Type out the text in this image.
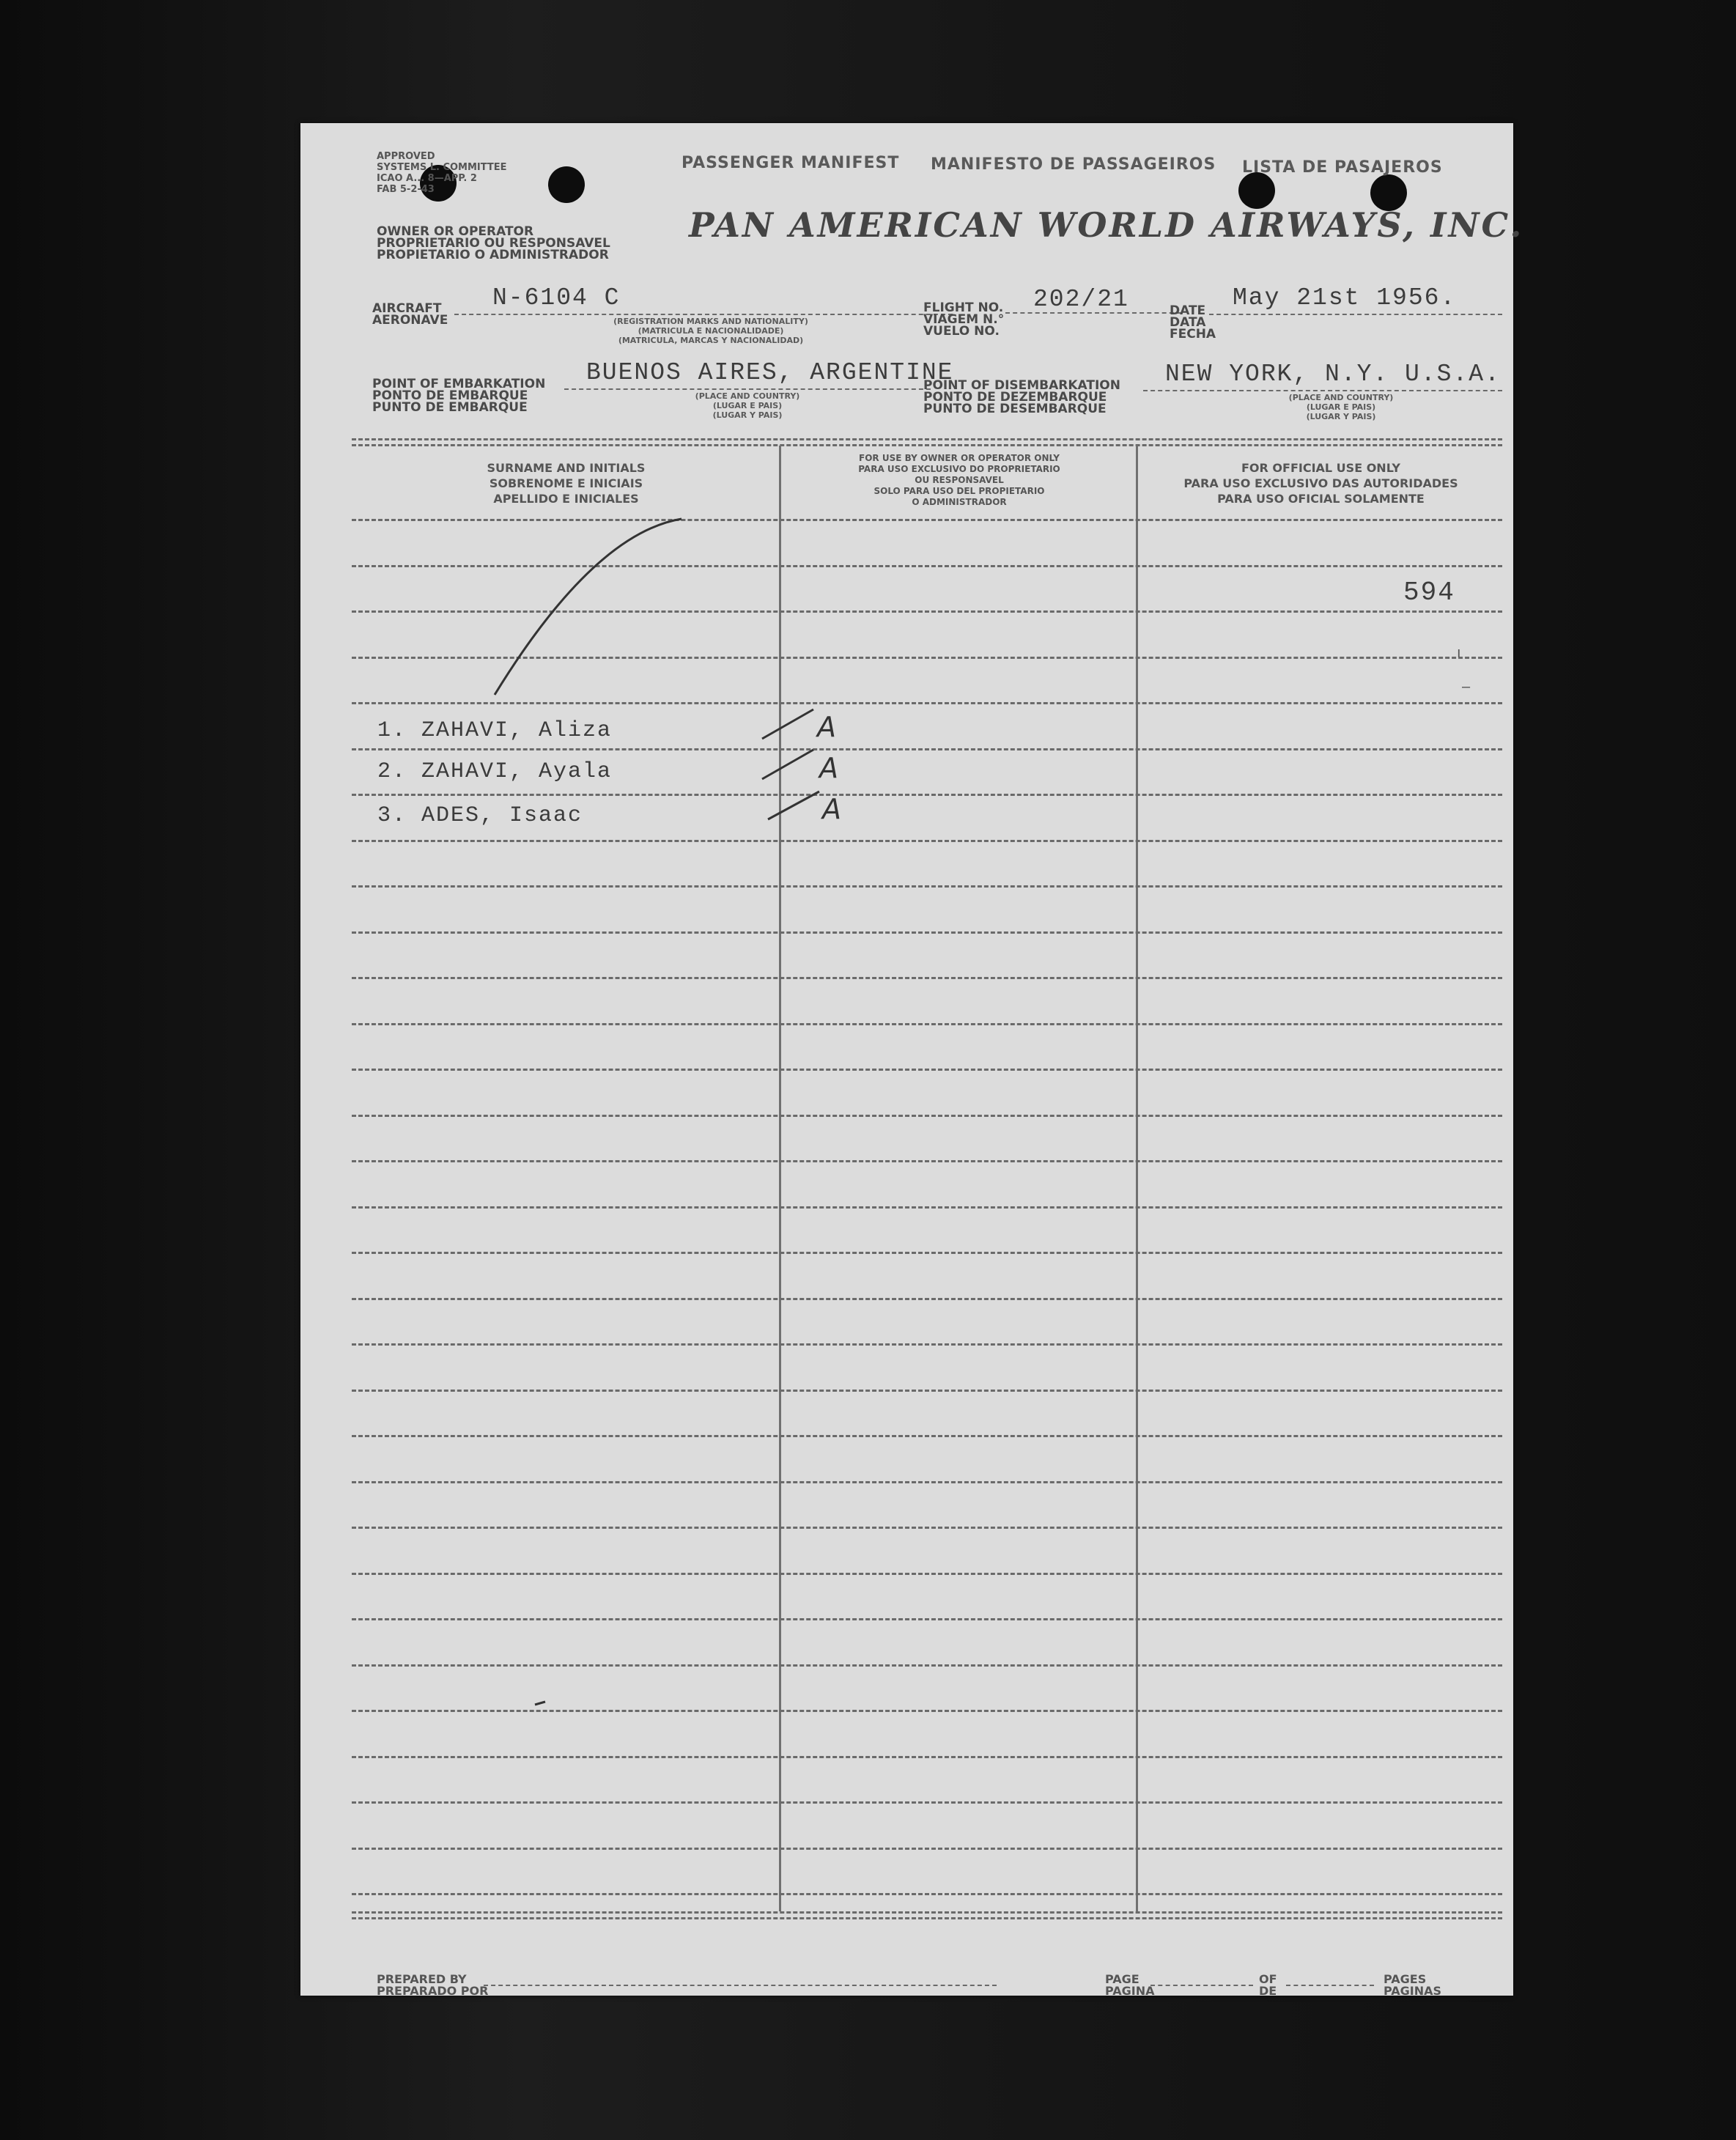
APPROVED
SYSTEMS L. COMMITTEE
ICAO A... 8—APP. 2
FAB 5-2-43
PASSENGER MANIFEST MANIFESTO DE PASSAGEIROS LISTA DE PASAJEROS
OWNER OR OPERATOR
PROPRIETARIO OU RESPONSAVEL
PROPIETARIO O ADMINISTRADOR
PAN AMERICAN WORLD AIRWAYS, INC.
AIRCRAFT
AERONAVE
N-6104 C
(REGISTRATION MARKS AND NATIONALITY)
(MATRICULA E NACIONALIDADE)
(MATRICULA, MARCAS Y NACIONALIDAD)
FLIGHT NO.
VIAGEM N.°
VUELO NO.
202/21	DATE
DATA
FECHA
May 21st 1956.
POINT OF EMBARKATION
PONTO DE EMBARQUE
PUNTO DE EMBARQUE
BUENOS AIRES, ARGENTINE
(PLACE AND COUNTRY)
(LUGAR E PAIS)
(LUGAR Y PAIS)
POINT OF DISEMBARKATION
PONTO DE DEZEMBARQUE
PUNTO DE DESEMBARQUE
NEW YORK, N.Y. U.S.A.
(PLACE AND COUNTRY)
(LUGAR E PAIS)
(LUGAR Y PAIS)
SURNAME AND INITIALS
SOBRENOME E INICIAIS
APELLIDO E INICIALES
FOR USE BY OWNER OR OPERATOR ONLY
PARA USO EXCLUSIVO DO PROPRIETARIO
OU RESPONSAVEL
SOLO PARA USO DEL PROPIETARIO
O ADMINISTRADOR
FOR OFFICIAL USE ONLY
PARA USO EXCLUSIVO DAS AUTORIDADES
PARA USO OFICIAL SOLAMENTE
594
ı
–
1. ZAHAVI, Aliza
2. ZAHAVI, Ayala
3. ADES, Isaac
A
A
A
PREPARED BY
PREPARADO POR
PAGE
PAGINA
OF
DE
PAGES
PAGINAS
